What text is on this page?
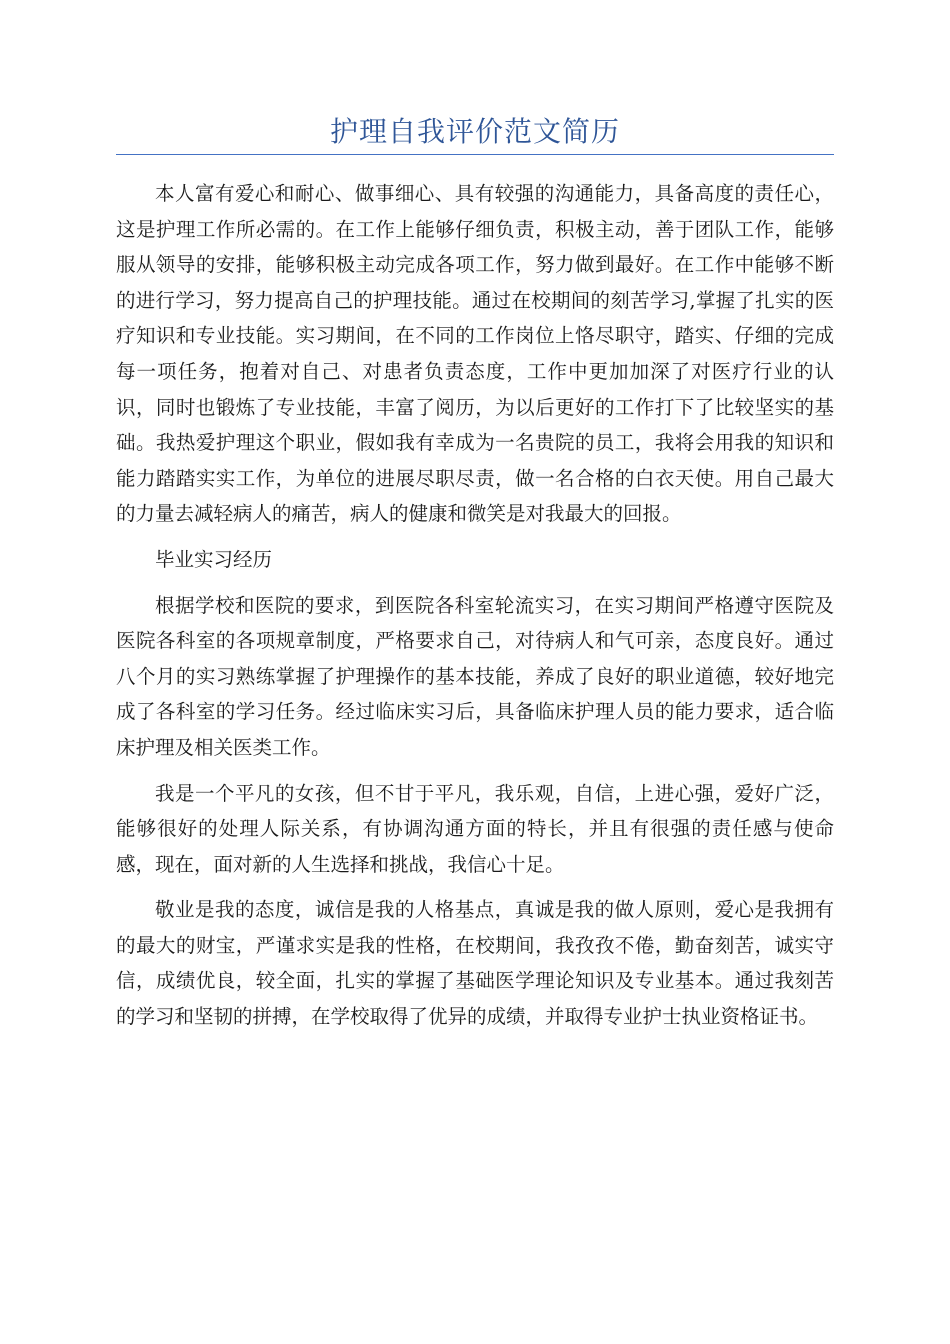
护理自我评价范文简历

本人富有爱心和耐心、做事细心、具有较强的沟通能力，具备高度的责任心，这是护理工作所必需的。在工作上能够仔细负责，积极主动，善于团队工作，能够服从领导的安排，能够积极主动完成各项工作，努力做到最好。在工作中能够不断的进行学习，努力提高自己的护理技能。通过在校期间的刻苦学习,掌握了扎实的医疗知识和专业技能。实习期间，在不同的工作岗位上恪尽职守，踏实、仔细的完成每一项任务，抱着对自己、对患者负责态度，工作中更加加深了对医疗行业的认识，同时也锻炼了专业技能，丰富了阅历，为以后更好的工作打下了比较坚实的基础。我热爱护理这个职业，假如我有幸成为一名贵院的员工，我将会用我的知识和能力踏踏实实工作，为单位的进展尽职尽责，做一名合格的白衣天使。用自己最大的力量去减轻病人的痛苦，病人的健康和微笑是对我最大的回报。

毕业实习经历

根据学校和医院的要求，到医院各科室轮流实习，在实习期间严格遵守医院及医院各科室的各项规章制度，严格要求自己，对待病人和气可亲，态度良好。通过八个月的实习熟练掌握了护理操作的基本技能，养成了良好的职业道德，较好地完成了各科室的学习任务。经过临床实习后，具备临床护理人员的能力要求，适合临床护理及相关医类工作。

我是一个平凡的女孩，但不甘于平凡，我乐观，自信，上进心强，爱好广泛，能够很好的处理人际关系，有协调沟通方面的特长，并且有很强的责任感与使命感，现在，面对新的人生选择和挑战，我信心十足。

敬业是我的态度，诚信是我的人格基点，真诚是我的做人原则，爱心是我拥有的最大的财宝，严谨求实是我的性格，在校期间，我孜孜不倦，勤奋刻苦，诚实守信，成绩优良，较全面，扎实的掌握了基础医学理论知识及专业基本。通过我刻苦的学习和坚韧的拼搏，在学校取得了优异的成绩，并取得专业护士执业资格证书。
